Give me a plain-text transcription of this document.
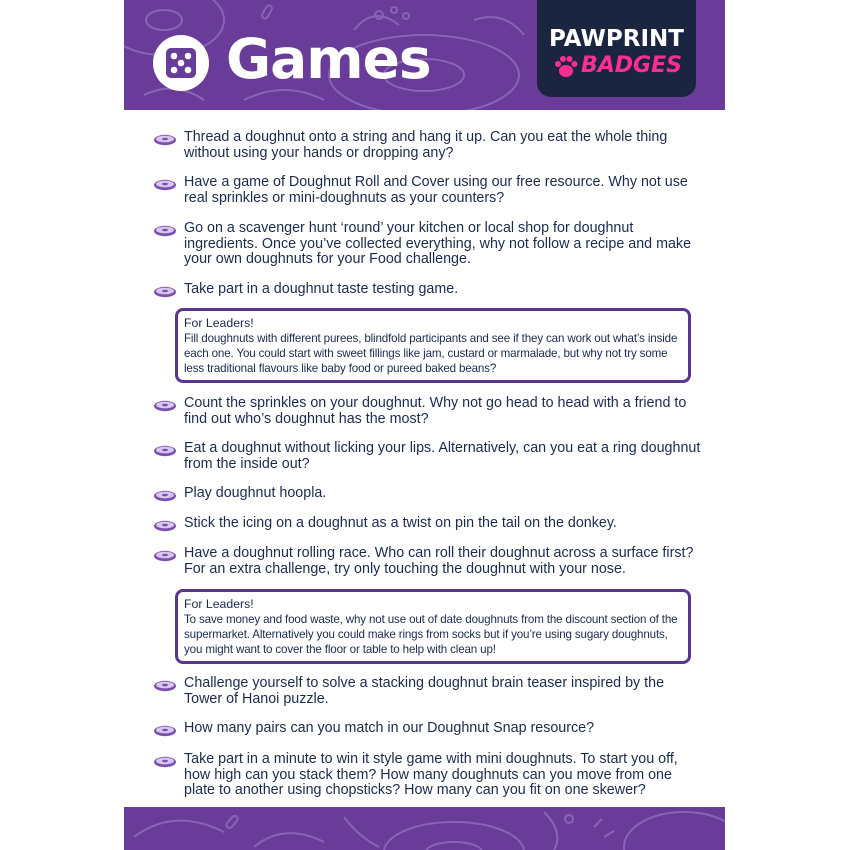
Games	PAWPRINT
BADGES

Thread a doughnut onto a string and hang it up. Can you eat the whole thing without using your hands or dropping any?

Have a game of Doughnut Roll and Cover using our free resource. Why not use real sprinkles or mini-doughnuts as your counters?

Go on a scavenger hunt ‘round’ your kitchen or local shop for doughnut ingredients. Once you’ve collected everything, why not follow a recipe and make your own doughnuts for your Food challenge.

Take part in a doughnut taste testing game.

For Leaders!

Fill doughnuts with different purees, blindfold participants and see if they can work out what’s inside each one. You could start with sweet fillings like jam, custard or marmalade, but why not try some less traditional flavours like baby food or pureed baked beans?

Count the sprinkles on your doughnut. Why not go head to head with a friend to find out who’s doughnut has the most?

Eat a doughnut without licking your lips. Alternatively, can you eat a ring doughnut from the inside out?

Play doughnut hoopla.

Stick the icing on a doughnut as a twist on pin the tail on the donkey.

Have a doughnut rolling race. Who can roll their doughnut across a surface first? For an extra challenge, try only touching the doughnut with your nose.

For Leaders!

To save money and food waste, why not use out of date doughnuts from the discount section of the supermarket. Alternatively you could make rings from socks but if you’re using sugary doughnuts, you might want to cover the floor or table to help with clean up!

Challenge yourself to solve a stacking doughnut brain teaser inspired by the Tower of Hanoi puzzle.

How many pairs can you match in our Doughnut Snap resource?

Take part in a minute to win it style game with mini doughnuts. To start you off, how high can you stack them? How many doughnuts can you move from one plate to another using chopsticks? How many can you fit on one skewer?
